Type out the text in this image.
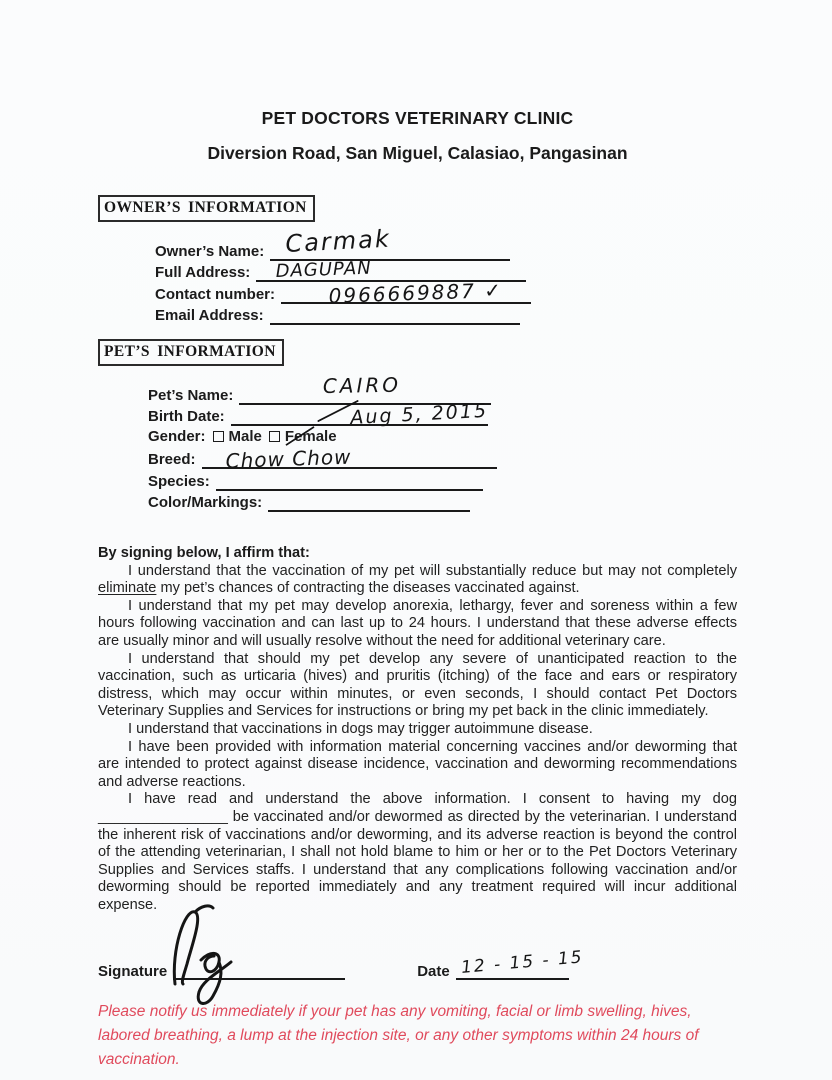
PET DOCTORS VETERINARY CLINIC
Diversion Road, San Miguel, Calasiao, Pangasinan
OWNER’S INFORMATION
Owner’s Name: Carmak
Full Address: DAGUPAN
Contact number:	0966669887 ✓
Email Address:
PET’S INFORMATION
Pet’s Name:	CAIRO
Birth Date:	Aug 5, 2015
Gender: Male Female
Breed: Chow Chow
Species:
Color/Markings:

By signing below, I affirm that:

I understand that the vaccination of my pet will substantially reduce but may not completely eliminate my pet’s chances of contracting the diseases vaccinated against.

I understand that my pet may develop anorexia, lethargy, fever and soreness within a few hours following vaccination and can last up to 24 hours. I understand that these adverse effects are usually minor and will usually resolve without the need for additional veterinary care.

I understand that should my pet develop any severe of unanticipated reaction to the vaccination, such as urticaria (hives) and pruritis (itching) of the face and ears or respiratory distress, which may occur within minutes, or even seconds, I should contact Pet Doctors Veterinary Supplies and Services for instructions or bring my pet back in the clinic immediately.

I understand that vaccinations in dogs may trigger autoimmune disease.

I have been provided with information material concerning vaccines and/or deworming that are intended to protect against disease incidence, vaccination and deworming recommendations and adverse reactions.

I have read and understand the above information. I consent to having my dog ________________ be vaccinated and/or dewormed as directed by the veterinarian. I understand the inherent risk of vaccinations and/or deworming, and its adverse reaction is beyond the control of the attending veterinarian, I shall not hold blame to him or her or to the Pet Doctors Veterinary Supplies and Services staffs. I understand that any complications following vaccination and/or deworming should be reported immediately and any treatment required will incur additional expense.

Signature	Date 12 - 15 - 15

Please notify us immediately if your pet has any vomiting, facial or limb swelling, hives, labored breathing, a lump at the injection site, or any other symptoms within 24 hours of vaccination.
